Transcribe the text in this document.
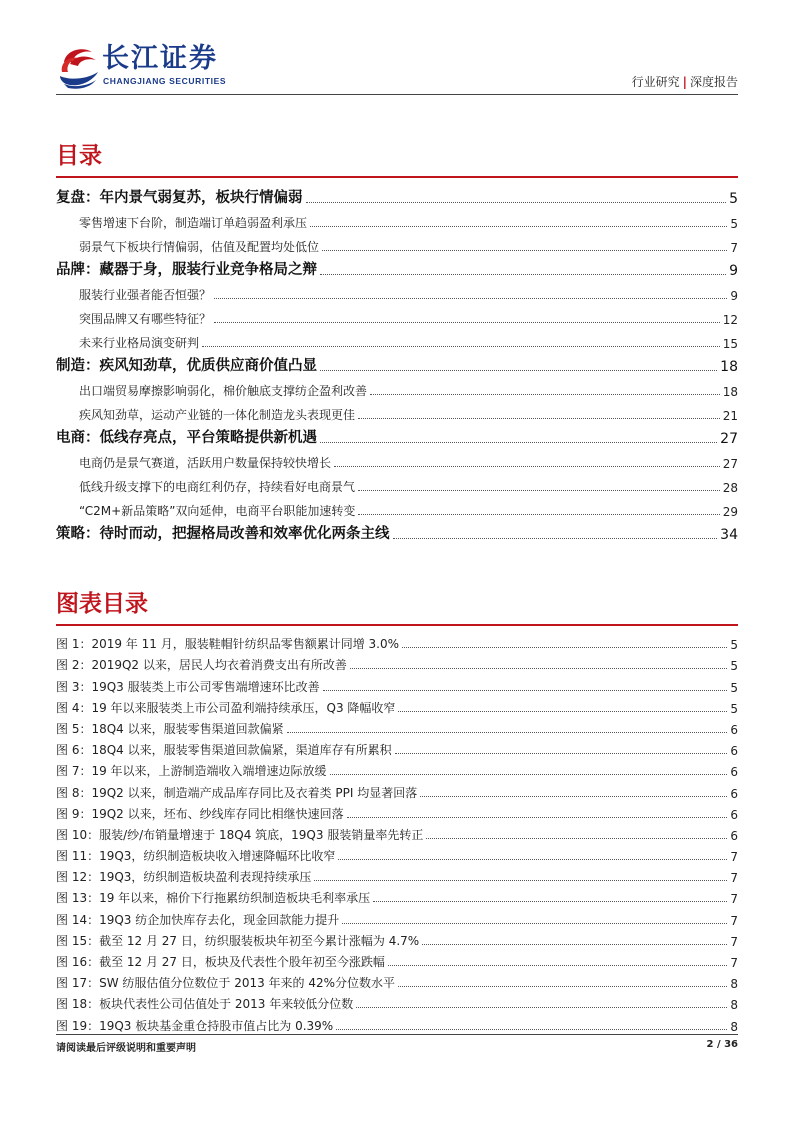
长江证券
CHANGJIANG SECURITIES	行业研究 | 深度报告
目录
复盘：年内景气弱复苏，板块行情偏弱	5
零售增速下台阶，制造端订单趋弱盈利承压	5
弱景气下板块行情偏弱，估值及配置均处低位	7
品牌：藏器于身，服装行业竞争格局之辩	9
服装行业强者能否恒强？	9
突围品牌又有哪些特征？	12
未来行业格局演变研判	15
制造：疾风知劲草，优质供应商价值凸显	18
出口端贸易摩擦影响弱化，棉价触底支撑纺企盈利改善	18
疾风知劲草，运动产业链的一体化制造龙头表现更佳	21
电商：低线存亮点，平台策略提供新机遇	27
电商仍是景气赛道，活跃用户数量保持较快增长	27
低线升级支撑下的电商红利仍存，持续看好电商景气	28
“C2M+新品策略”双向延伸，电商平台职能加速转变	29
策略：待时而动，把握格局改善和效率优化两条主线	34
图表目录
图 1：2019 年 11 月，服装鞋帽针纺织品零售额累计同增 3.0%	5
图 2：2019Q2 以来，居民人均衣着消费支出有所改善	5
图 3：19Q3 服装类上市公司零售端增速环比改善	5
图 4：19 年以来服装类上市公司盈利端持续承压，Q3 降幅收窄	5
图 5：18Q4 以来，服装零售渠道回款偏紧	6
图 6：18Q4 以来，服装零售渠道回款偏紧，渠道库存有所累积	6
图 7：19 年以来，上游制造端收入端增速边际放缓	6
图 8：19Q2 以来，制造端产成品库存同比及衣着类 PPI 均显著回落	6
图 9：19Q2 以来，坯布、纱线库存同比相继快速回落	6
图 10：服装/纱/布销量增速于 18Q4 筑底，19Q3 服装销量率先转正	6
图 11：19Q3，纺织制造板块收入增速降幅环比收窄	7
图 12：19Q3，纺织制造板块盈利表现持续承压	7
图 13：19 年以来，棉价下行拖累纺织制造板块毛利率承压	7
图 14：19Q3 纺企加快库存去化，现金回款能力提升	7
图 15：截至 12 月 27 日，纺织服装板块年初至今累计涨幅为 4.7%	7
图 16：截至 12 月 27 日，板块及代表性个股年初至今涨跌幅	7
图 17：SW 纺服估值分位数位于 2013 年来的 42%分位数水平	8
图 18：板块代表性公司估值处于 2013 年来较低分位数	8
图 19：19Q3 板块基金重仓持股市值占比为 0.39%	8
请阅读最后评级说明和重要声明	2 / 36
